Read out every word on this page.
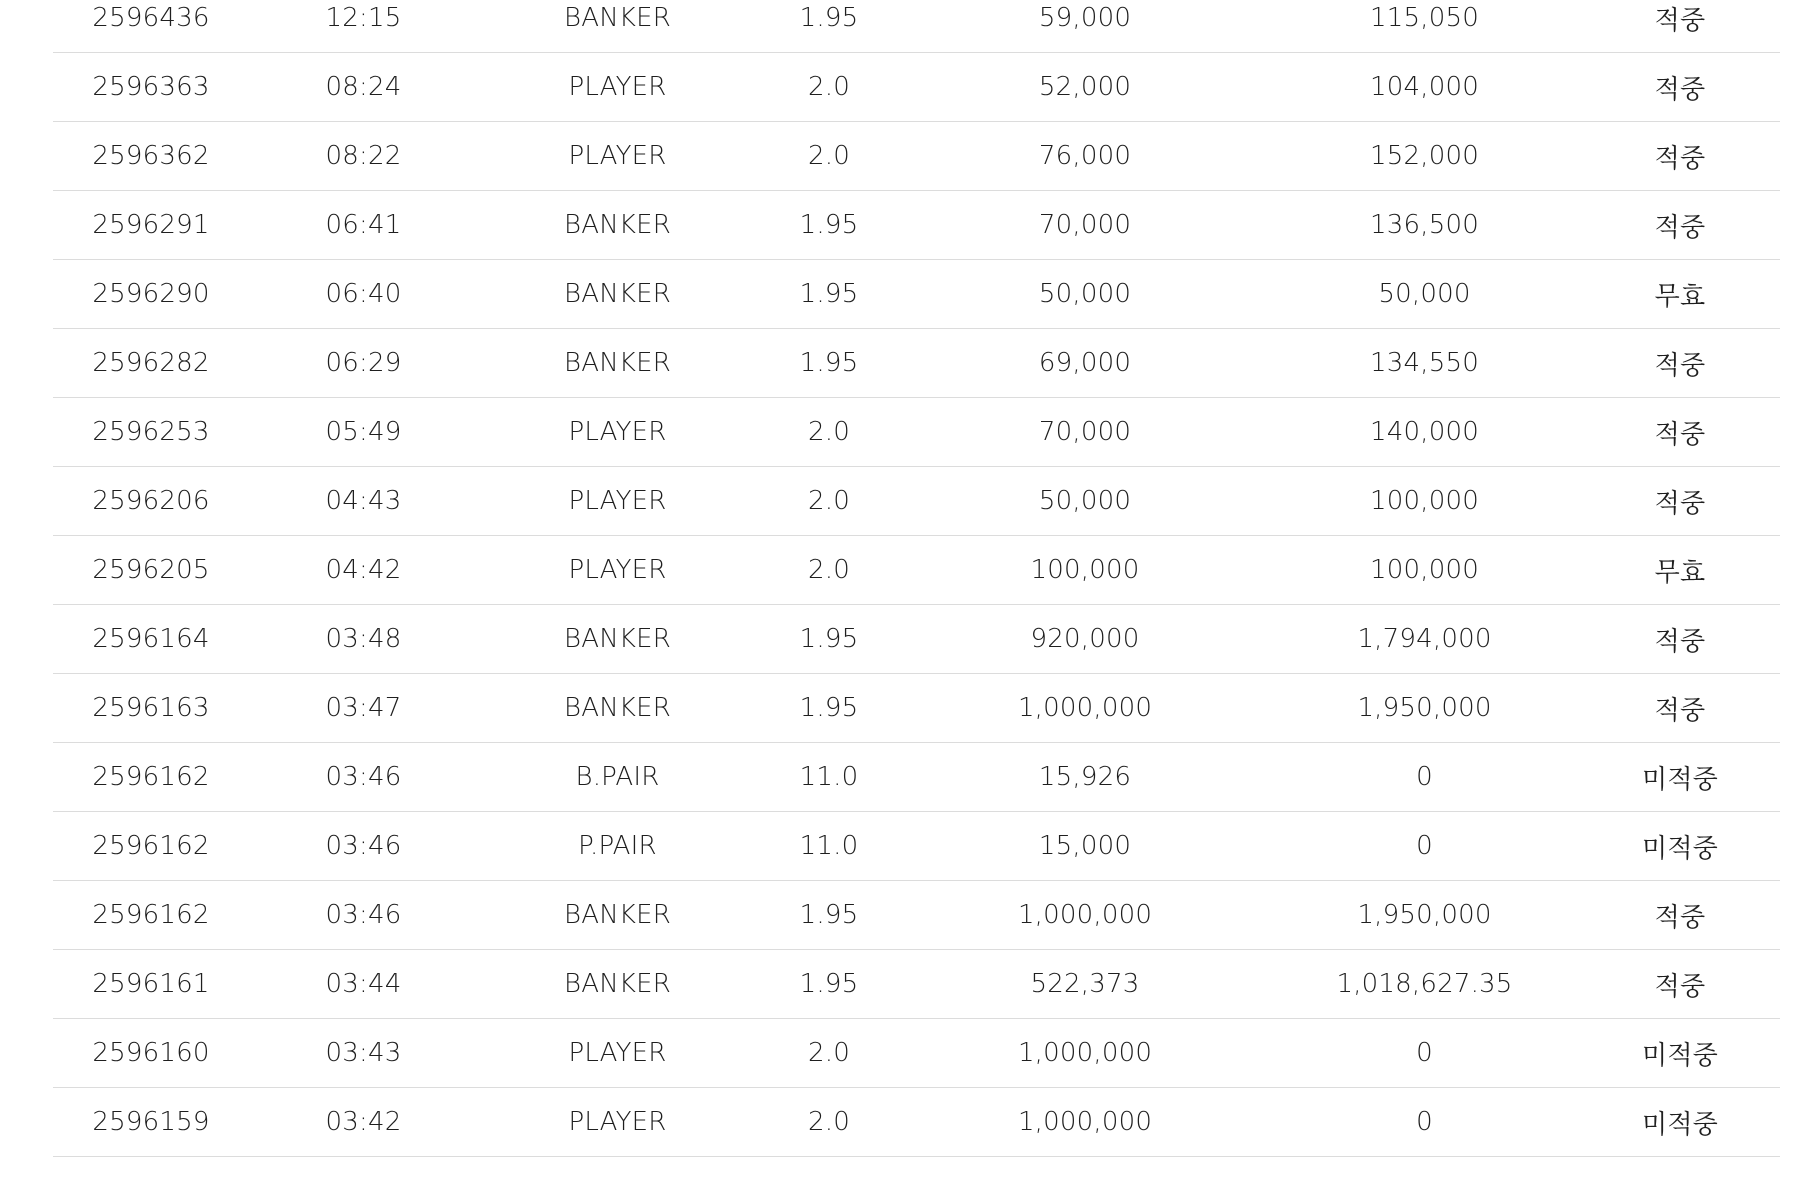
2596436	12:15	BANKER	1.95	59,000	115,050	적중
2596363	08:24	PLAYER	2.0	52,000	104,000	적중
2596362	08:22	PLAYER	2.0	76,000	152,000	적중
2596291	06:41	BANKER	1.95	70,000	136,500	적중
2596290	06:40	BANKER	1.95	50,000	50,000	무효
2596282	06:29	BANKER	1.95	69,000	134,550	적중
2596253	05:49	PLAYER	2.0	70,000	140,000	적중
2596206	04:43	PLAYER	2.0	50,000	100,000	적중
2596205	04:42	PLAYER	2.0	100,000	100,000	무효
2596164	03:48	BANKER	1.95	920,000	1,794,000	적중
2596163	03:47	BANKER	1.95	1,000,000	1,950,000	적중
2596162	03:46	B.PAIR	11.0	15,926	0	미적중
2596162	03:46	P.PAIR	11.0	15,000	0	미적중
2596162	03:46	BANKER	1.95	1,000,000	1,950,000	적중
2596161	03:44	BANKER	1.95	522,373	1,018,627.35	적중
2596160	03:43	PLAYER	2.0	1,000,000	0	미적중
2596159	03:42	PLAYER	2.0	1,000,000	0	미적중
